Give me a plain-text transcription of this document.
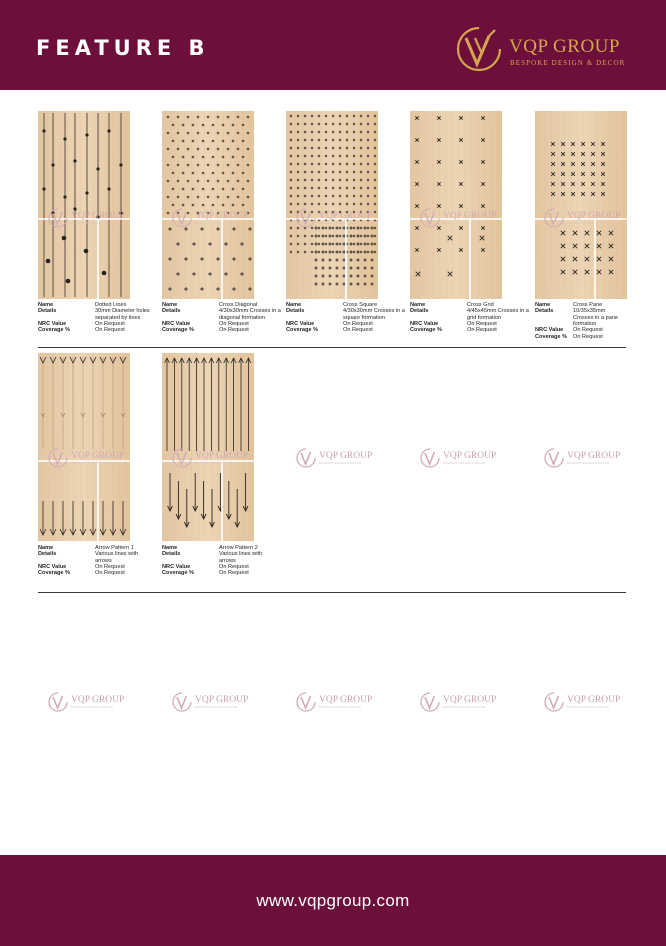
FEATURE B	VQP GROUP
BESPOKE DESIGN & DECOR
Name	Dotted Lines
Details	30mm Diameter holes separated by lines
NRC Value	On Request
Coverage %	On Request
Name	Cross Diagonal
Details	4/30x30mm Crosses in a diagonal formation
NRC Value	On Request
Coverage %	On Request
Name	Cross Square
Details	4/30x30mm Crosses in a square formation
NRC Value	On Request
Coverage %	On Request
Name	Cross Grid
Details	4/45x45mm Crosses in a grid formation
NRC Value	On Request
Coverage %	On Request
Name	Cross Pane
Details	10/35x35mm Crosses in a pane formation
NRC Value On Request
Coverage % On Request
Name	Arrow Pattern 1
Details	Various lines with arrows
NRC Value	On Request
Coverage %	On Request
Name	Arrow Pattern 2
Details	Various lines with arrows
NRC Value	On Request
Coverage %	On Request
VQP GROUP
BESPOKE DESIGN & DECOR
VQP GROUP
BESPOKE DESIGN & DECOR
VQP GROUP
BESPOKE DESIGN & DECOR
VQP GROUP
BESPOKE DESIGN & DECOR
VQP GROUP
BESPOKE DESIGN & DECOR
VQP GROUP
BESPOKE DESIGN & DECOR
VQP GROUP
BESPOKE DESIGN & DECOR
VQP GROUP
BESPOKE DESIGN & DECOR
VQP GROUP
BESPOKE DESIGN & DECOR
VQP GROUP
BESPOKE DESIGN & DECOR
VQP GROUP
BESPOKE DESIGN & DECOR
VQP GROUP
BESPOKE DESIGN & DECOR
VQP GROUP
BESPOKE DESIGN & DECOR
VQP GROUP
BESPOKE DESIGN & DECOR
VQP GROUP
BESPOKE DESIGN & DECOR
www.vqpgroup.com
